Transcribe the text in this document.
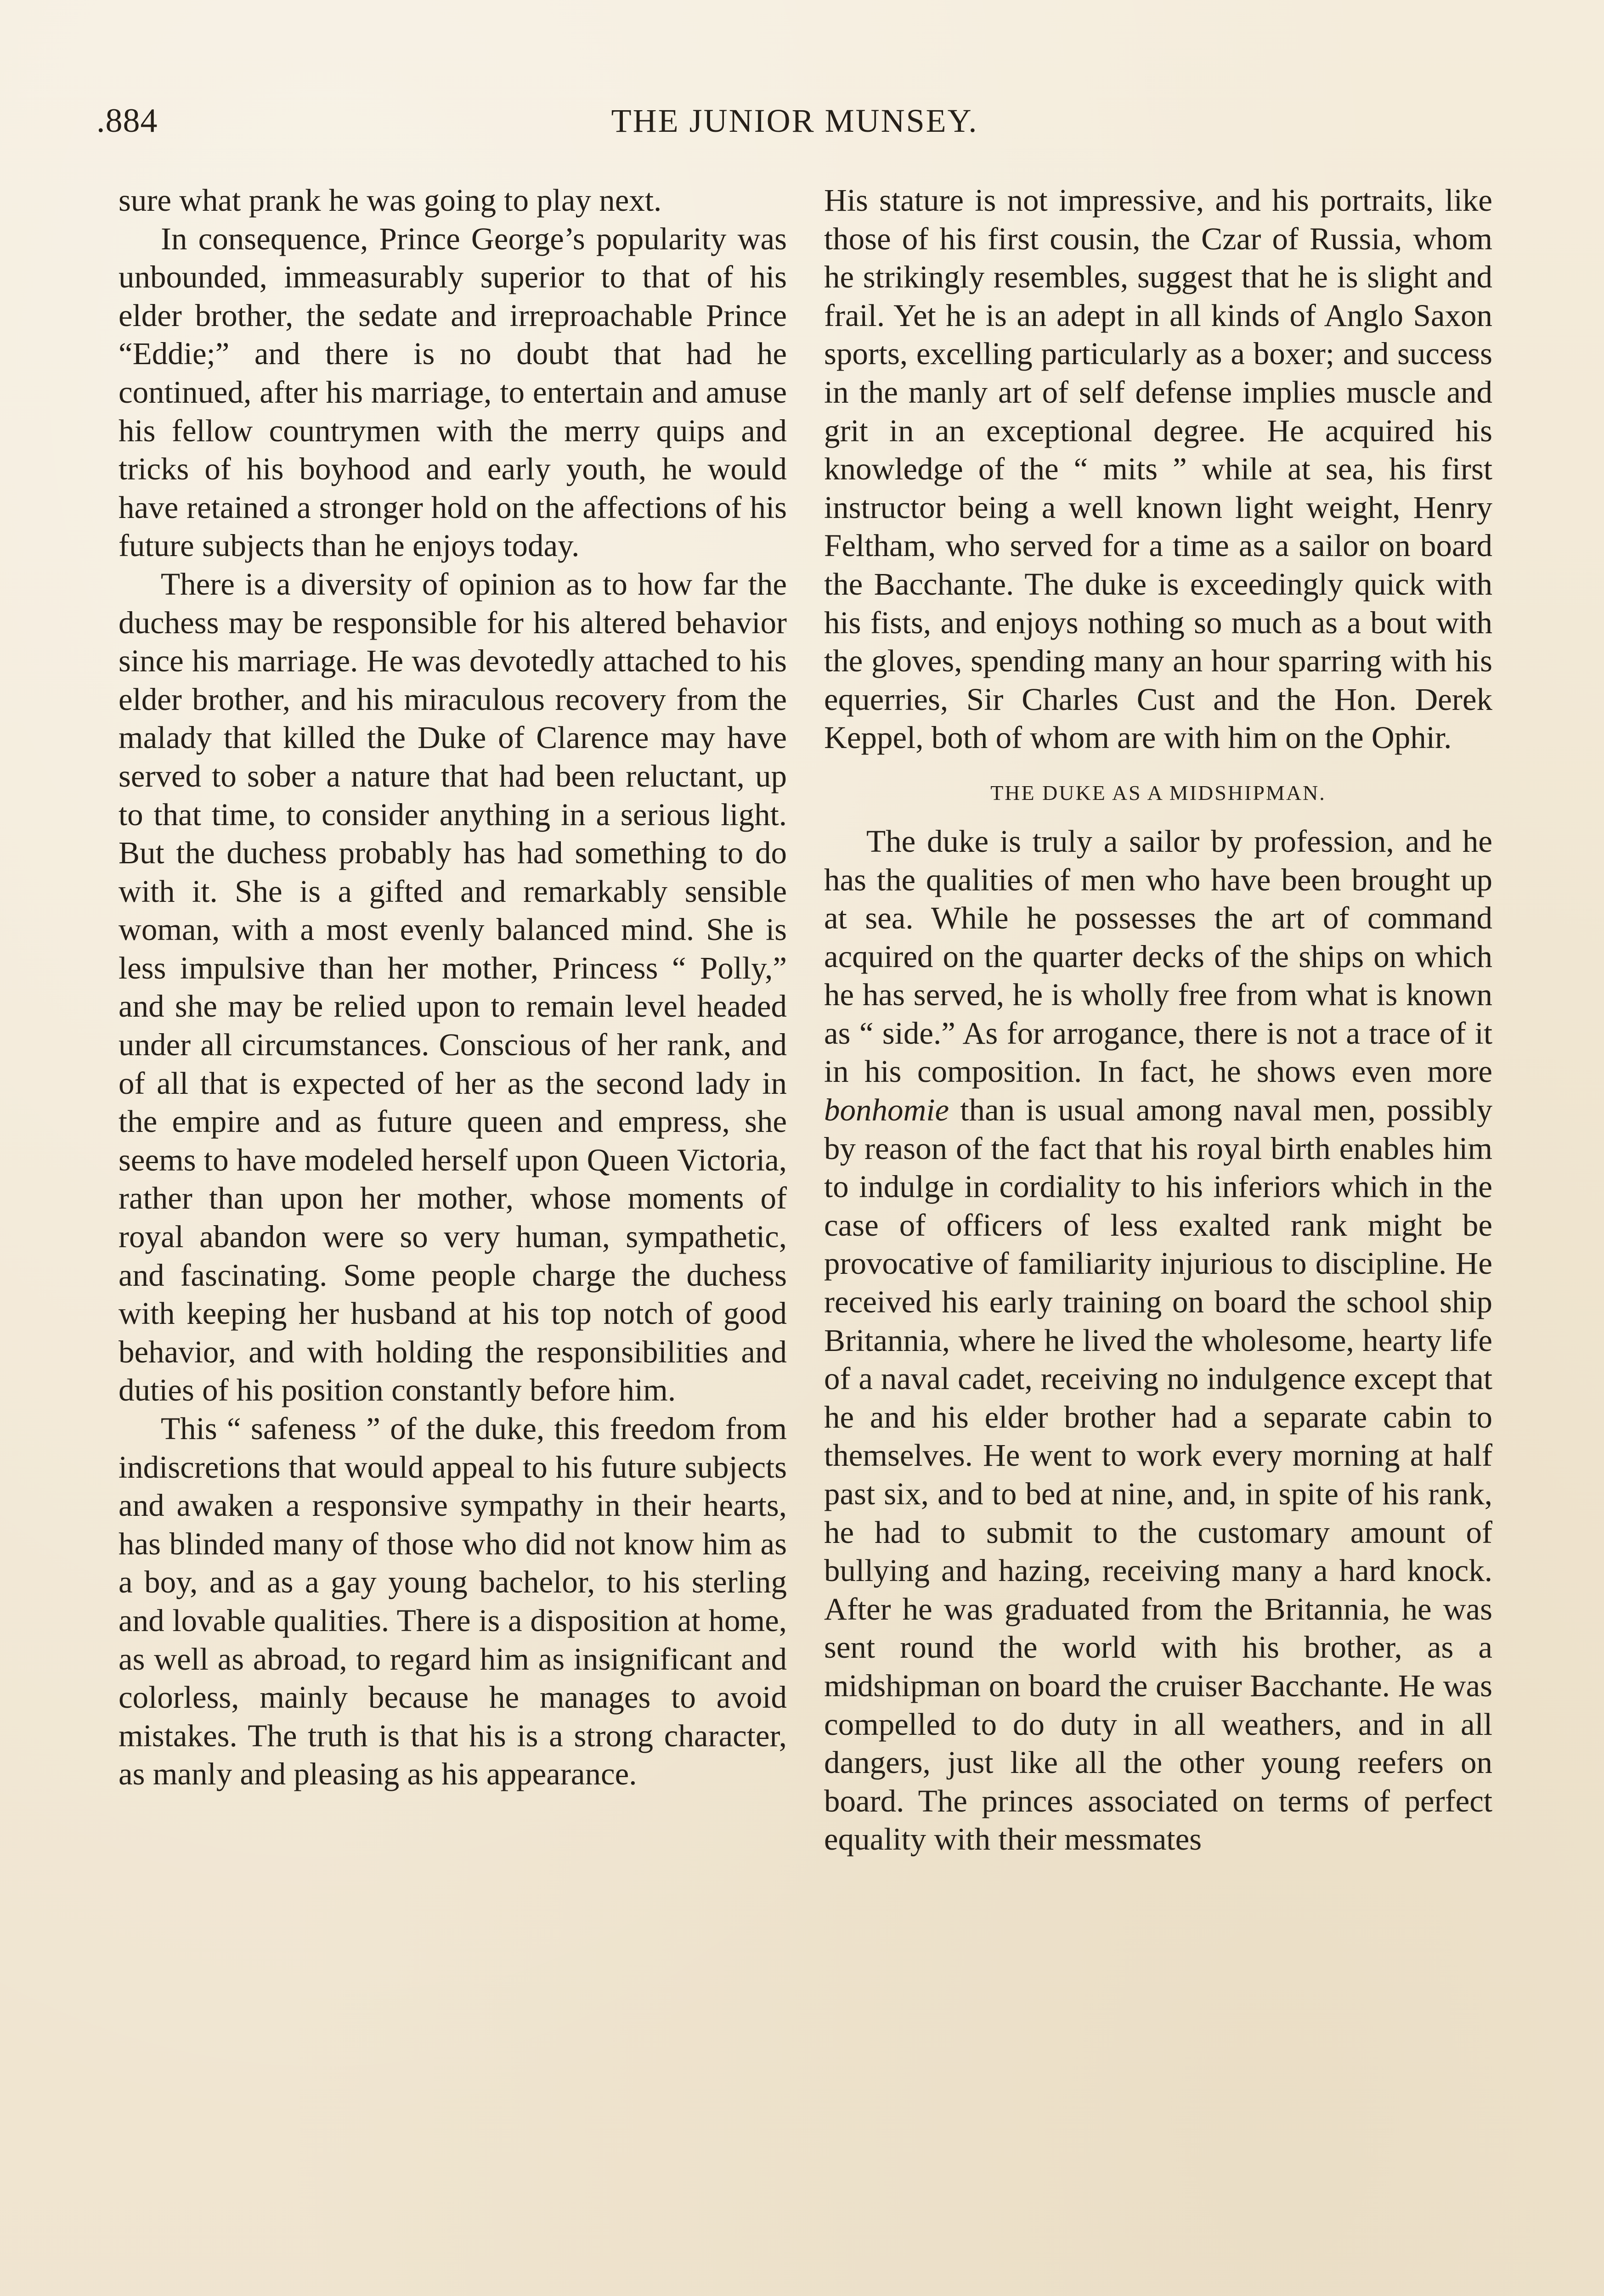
.884	THE JUNIOR MUNSEY.

sure what prank he was going to play next.

In consequence, Prince George’s popularity was unbounded, immeasurably superior to that of his elder brother, the sedate and irreproachable Prince “Eddie;” and there is no doubt that had he continued, after his marriage, to entertain and amuse his fellow countrymen with the merry quips and tricks of his boyhood and early youth, he would have retained a stronger hold on the affections of his future subjects than he enjoys today.

There is a diversity of opinion as to how far the duchess may be responsible for his altered behavior since his marriage. He was devotedly attached to his elder brother, and his miraculous recovery from the malady that killed the Duke of Clarence may have served to sober a nature that had been reluctant, up to that time, to consider anything in a serious light. But the duchess probably has had something to do with it. She is a gifted and remarkably sensible woman, with a most evenly balanced mind. She is less impulsive than her mother, Princess “ Polly,” and she may be relied upon to remain level headed under all circumstances. Conscious of her rank, and of all that is expected of her as the second lady in the empire and as future queen and empress, she seems to have modeled herself upon Queen Victoria, rather than upon her mother, whose moments of royal abandon were so very human, sympathetic, and fascinating. Some people charge the duchess with keeping her husband at his top notch of good behavior, and with holding the responsibilities and duties of his position constantly before him.

This “ safeness ” of the duke, this freedom from indiscretions that would appeal to his future subjects and awaken a responsive sympathy in their hearts, has blinded many of those who did not know him as a boy, and as a gay young bachelor, to his sterling and lovable qualities. There is a disposition at home, as well as abroad, to regard him as insignificant and colorless, mainly because he manages to avoid mistakes. The truth is that his is a strong character, as manly and pleasing as his appearance.

His stature is not impressive, and his portraits, like those of his first cousin, the Czar of Russia, whom he strikingly resembles, suggest that he is slight and frail. Yet he is an adept in all kinds of Anglo Saxon sports, excelling particularly as a boxer; and success in the manly art of self defense implies muscle and grit in an exceptional degree. He acquired his knowledge of the “ mits ” while at sea, his first instructor being a well known light weight, Henry Feltham, who served for a time as a sailor on board the Bacchante. The duke is exceedingly quick with his fists, and enjoys nothing so much as a bout with the gloves, spending many an hour sparring with his equerries, Sir Charles Cust and the Hon. Derek Keppel, both of whom are with him on the Ophir.

THE DUKE AS A MIDSHIPMAN.

The duke is truly a sailor by profession, and he has the qualities of men who have been brought up at sea. While he possesses the art of command acquired on the quarter decks of the ships on which he has served, he is wholly free from what is known as “ side.” As for arrogance, there is not a trace of it in his composition. In fact, he shows even more bonhomie than is usual among naval men, possibly by reason of the fact that his royal birth enables him to indulge in cordiality to his inferiors which in the case of officers of less exalted rank might be provocative of familiarity injurious to discipline. He received his early training on board the school ship Britannia, where he lived the wholesome, hearty life of a naval cadet, receiving no indulgence except that he and his elder brother had a separate cabin to themselves. He went to work every morning at half past six, and to bed at nine, and, in spite of his rank, he had to submit to the customary amount of bullying and hazing, receiving many a hard knock. After he was graduated from the Britannia, he was sent round the world with his brother, as a midshipman on board the cruiser Bacchante. He was compelled to do duty in all weathers, and in all dangers, just like all the other young reefers on board. The princes associated on terms of perfect equality with their messmates
